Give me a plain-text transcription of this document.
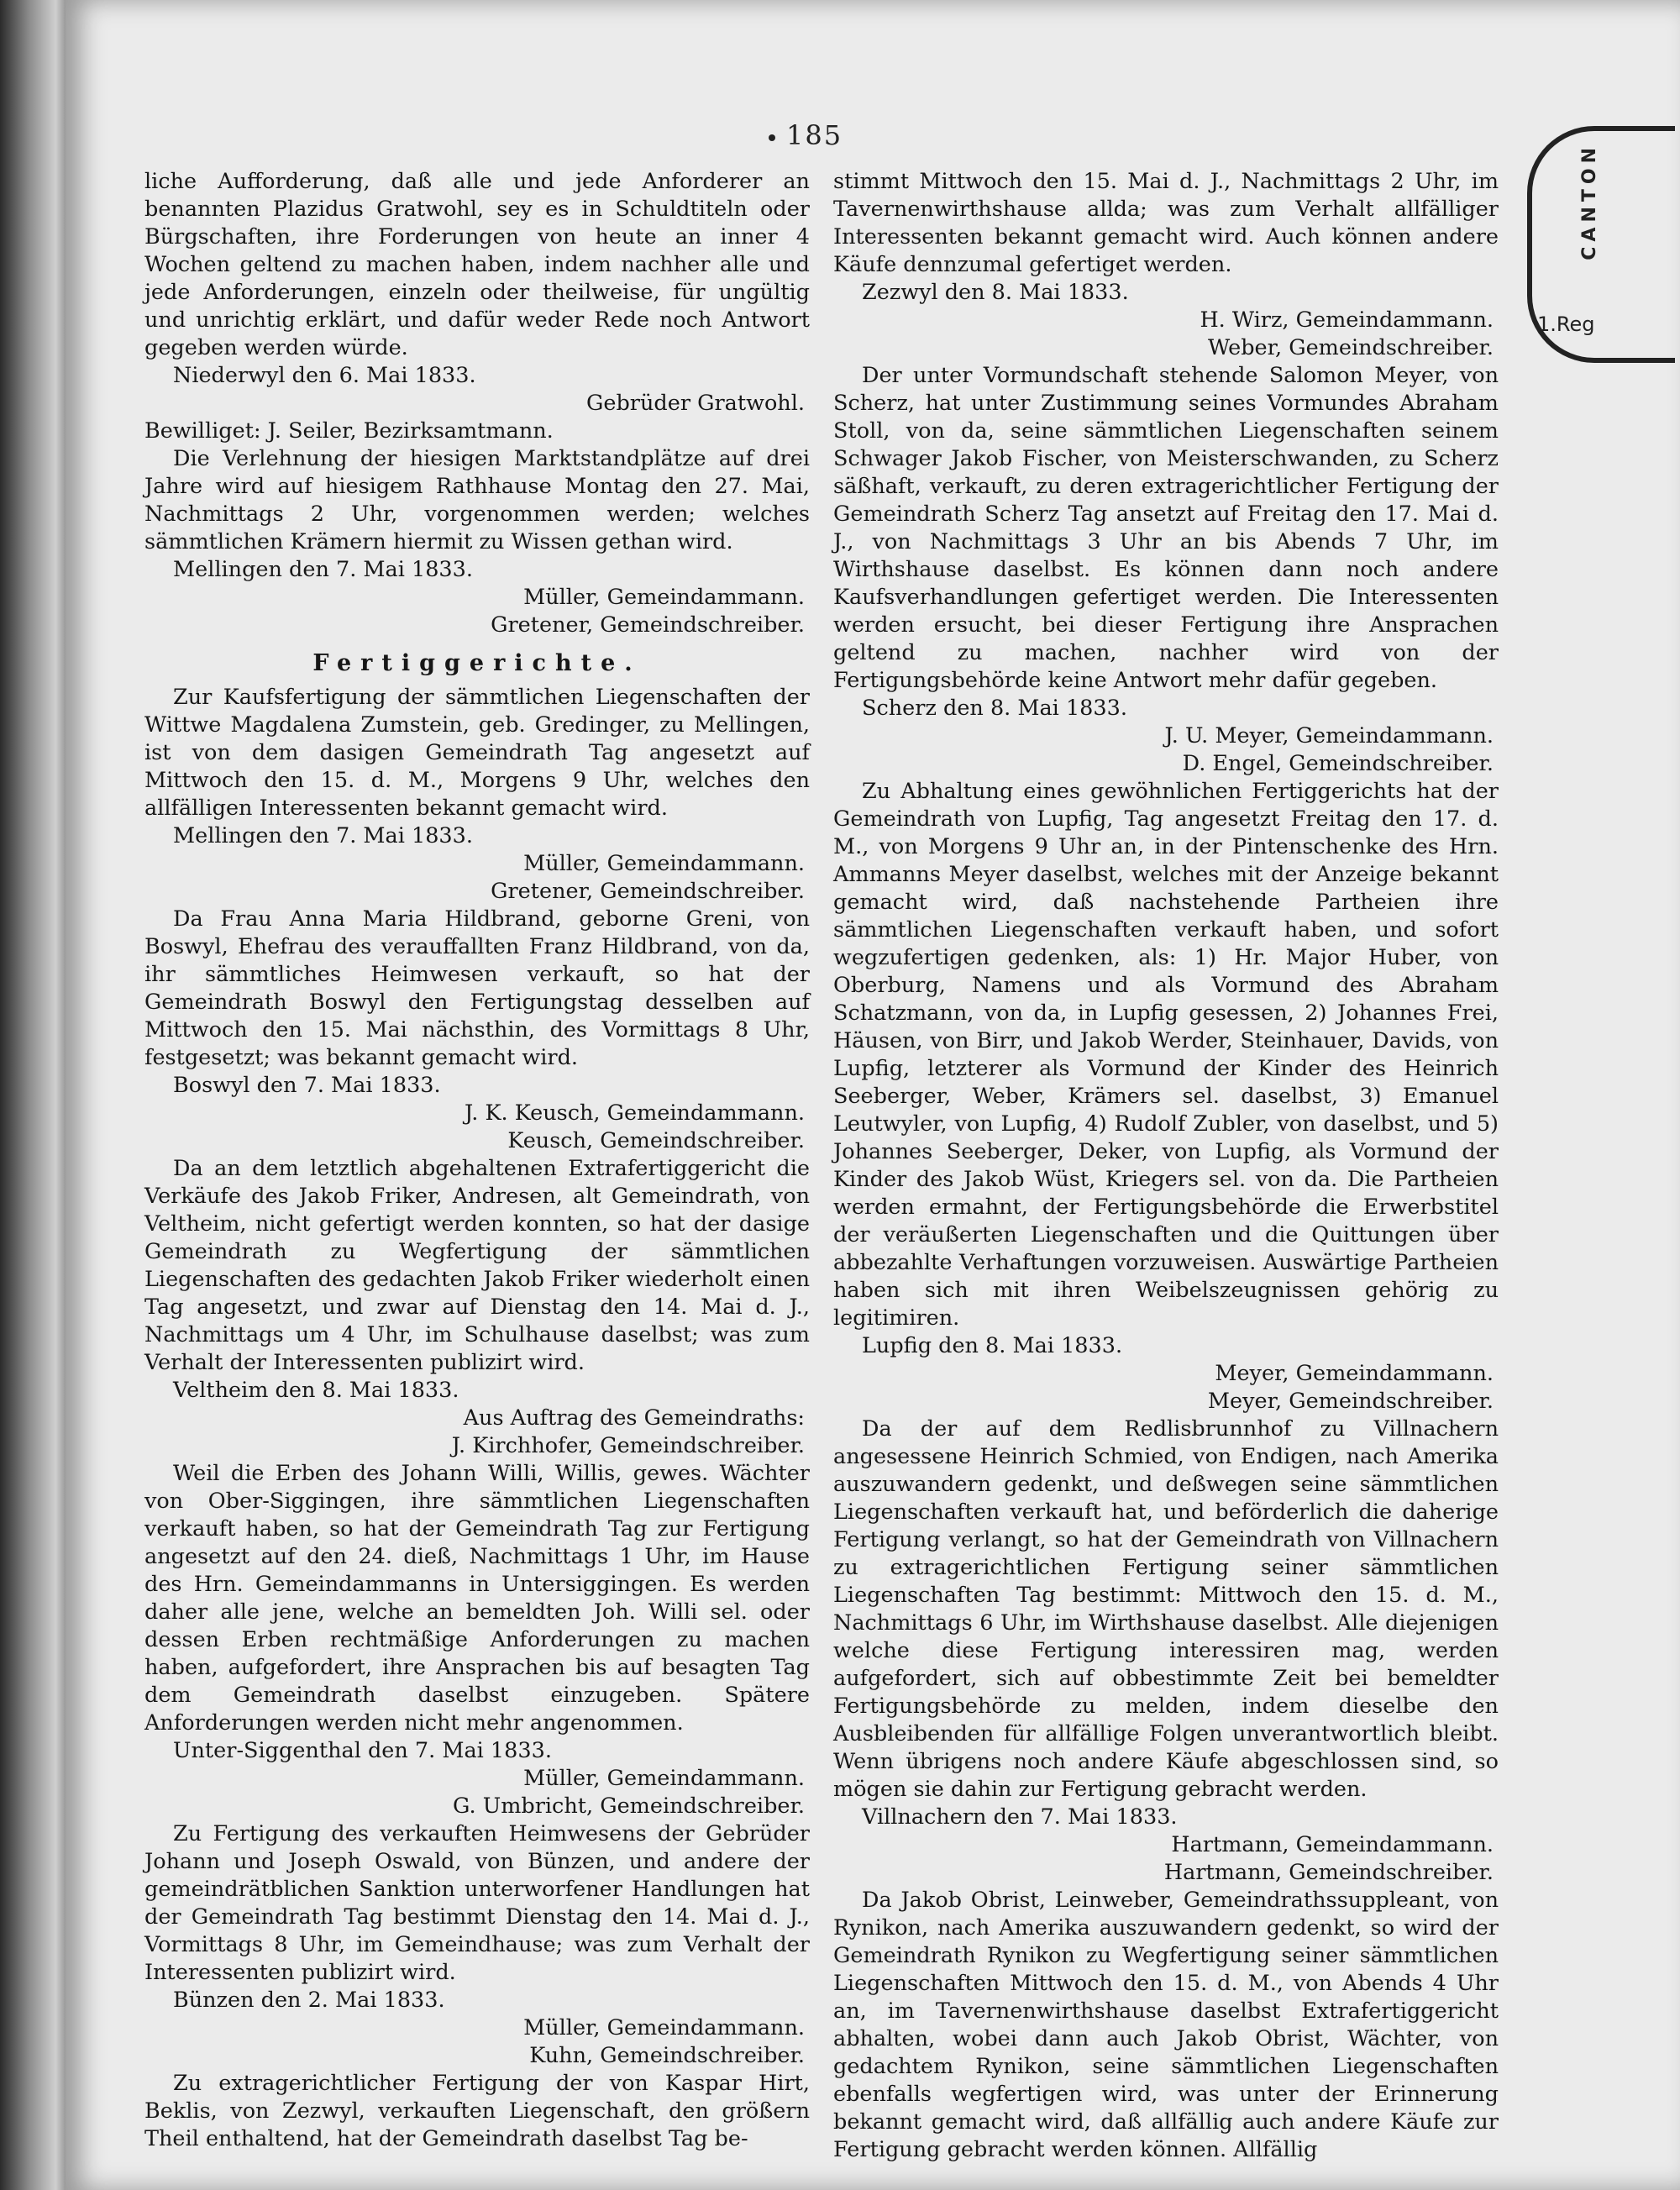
185
CANTON
1.Reg
liche Aufforderung, daß alle und jede Anforderer an benannten Plazidus Gratwohl, sey es in Schuldtiteln oder Bürgschaften, ihre Forderungen von heute an inner 4 Wochen geltend zu machen haben, indem nachher alle und jede Anforderungen, einzeln oder theilweise, für ungültig und unrichtig erklärt, und dafür weder Rede noch Antwort gegeben werden würde.
Niederwyl den 6. Mai 1833.
Gebrüder Gratwohl.
Bewilliget: J. Seiler, Bezirksamtmann.
Die Verlehnung der hiesigen Marktstandplätze auf drei Jahre wird auf hiesigem Rathhause Montag den 27. Mai, Nachmittags 2 Uhr, vorgenommen werden; welches sämmtlichen Krämern hiermit zu Wissen gethan wird.
Mellingen den 7. Mai 1833.
Müller, Gemeindammann.
Gretener, Gemeindschreiber.
Fertiggerichte.
Zur Kaufsfertigung der sämmtlichen Liegenschaften der Wittwe Magdalena Zumstein, geb. Gredinger, zu Mellingen, ist von dem dasigen Gemeindrath Tag angesetzt auf Mittwoch den 15. d. M., Morgens 9 Uhr, welches den allfälligen Interessenten bekannt gemacht wird.
Mellingen den 7. Mai 1833.
Müller, Gemeindammann.
Gretener, Gemeindschreiber.
Da Frau Anna Maria Hildbrand, geborne Greni, von Boswyl, Ehefrau des verauffallten Franz Hildbrand, von da, ihr sämmtliches Heimwesen verkauft, so hat der Gemeindrath Boswyl den Fertigungstag desselben auf Mittwoch den 15. Mai nächsthin, des Vormittags 8 Uhr, festgesetzt; was bekannt gemacht wird.
Boswyl den 7. Mai 1833.
J. K. Keusch, Gemeindammann.
Keusch, Gemeindschreiber.
Da an dem letztlich abgehaltenen Extrafertiggericht die Verkäufe des Jakob Friker, Andresen, alt Gemeindrath, von Veltheim, nicht gefertigt werden konnten, so hat der dasige Gemeindrath zu Wegfertigung der sämmtlichen Liegenschaften des gedachten Jakob Friker wiederholt einen Tag angesetzt, und zwar auf Dienstag den 14. Mai d. J., Nachmittags um 4 Uhr, im Schulhause daselbst; was zum Verhalt der Interessenten publizirt wird.
Veltheim den 8. Mai 1833.
Aus Auftrag des Gemeindraths:
J. Kirchhofer, Gemeindschreiber.
Weil die Erben des Johann Willi, Willis, gewes. Wächter von Ober-Siggingen, ihre sämmtlichen Liegenschaften verkauft haben, so hat der Gemeindrath Tag zur Fertigung angesetzt auf den 24. dieß, Nachmittags 1 Uhr, im Hause des Hrn. Gemeindammanns in Untersiggingen. Es werden daher alle jene, welche an bemeldten Joh. Willi sel. oder dessen Erben rechtmäßige Anforderungen zu machen haben, aufgefordert, ihre Ansprachen bis auf besagten Tag dem Gemeindrath daselbst einzugeben. Spätere Anforderungen werden nicht mehr angenommen.
Unter-Siggenthal den 7. Mai 1833.
Müller, Gemeindammann.
G. Umbricht, Gemeindschreiber.
Zu Fertigung des verkauften Heimwesens der Gebrüder Johann und Joseph Oswald, von Bünzen, und andere der gemeindrätblichen Sanktion unterworfener Handlungen hat der Gemeindrath Tag bestimmt Dienstag den 14. Mai d. J., Vormittags 8 Uhr, im Gemeindhause; was zum Verhalt der Interessenten publizirt wird.
Bünzen den 2. Mai 1833.
Müller, Gemeindammann.
Kuhn, Gemeindschreiber.
Zu extragerichtlicher Fertigung der von Kaspar Hirt, Beklis, von Zezwyl, verkauften Liegenschaft, den größern Theil enthaltend, hat der Gemeindrath daselbst Tag be-
stimmt Mittwoch den 15. Mai d. J., Nachmittags 2 Uhr, im Tavernenwirthshause allda; was zum Verhalt allfälliger Interessenten bekannt gemacht wird. Auch können andere Käufe dennzumal gefertiget werden.
Zezwyl den 8. Mai 1833.
H. Wirz, Gemeindammann.
Weber, Gemeindschreiber.
Der unter Vormundschaft stehende Salomon Meyer, von Scherz, hat unter Zustimmung seines Vormundes Abraham Stoll, von da, seine sämmtlichen Liegenschaften seinem Schwager Jakob Fischer, von Meisterschwanden, zu Scherz säßhaft, verkauft, zu deren extragerichtlicher Fertigung der Gemeindrath Scherz Tag ansetzt auf Freitag den 17. Mai d. J., von Nachmittags 3 Uhr an bis Abends 7 Uhr, im Wirthshause daselbst. Es können dann noch andere Kaufsverhandlungen gefertiget werden. Die Interessenten werden ersucht, bei dieser Fertigung ihre Ansprachen geltend zu machen, nachher wird von der Fertigungsbehörde keine Antwort mehr dafür gegeben.
Scherz den 8. Mai 1833.
J. U. Meyer, Gemeindammann.
D. Engel, Gemeindschreiber.
Zu Abhaltung eines gewöhnlichen Fertiggerichts hat der Gemeindrath von Lupfig, Tag angesetzt Freitag den 17. d. M., von Morgens 9 Uhr an, in der Pintenschenke des Hrn. Ammanns Meyer daselbst, welches mit der Anzeige bekannt gemacht wird, daß nachstehende Partheien ihre sämmtlichen Liegenschaften verkauft haben, und sofort wegzufertigen gedenken, als: 1) Hr. Major Huber, von Oberburg, Namens und als Vormund des Abraham Schatzmann, von da, in Lupfig gesessen, 2) Johannes Frei, Häusen, von Birr, und Jakob Werder, Steinhauer, Davids, von Lupfig, letzterer als Vormund der Kinder des Heinrich Seeberger, Weber, Krämers sel. daselbst, 3) Emanuel Leutwyler, von Lupfig, 4) Rudolf Zubler, von daselbst, und 5) Johannes Seeberger, Deker, von Lupfig, als Vormund der Kinder des Jakob Wüst, Kriegers sel. von da. Die Partheien werden ermahnt, der Fertigungsbehörde die Erwerbstitel der veräußerten Liegenschaften und die Quittungen über abbezahlte Verhaftungen vorzuweisen. Auswärtige Partheien haben sich mit ihren Weibelszeugnissen gehörig zu legitimiren.
Lupfig den 8. Mai 1833.
Meyer, Gemeindammann.
Meyer, Gemeindschreiber.
Da der auf dem Redlisbrunnhof zu Villnachern angesessene Heinrich Schmied, von Endigen, nach Amerika auszuwandern gedenkt, und deßwegen seine sämmtlichen Liegenschaften verkauft hat, und beförderlich die daherige Fertigung verlangt, so hat der Gemeindrath von Villnachern zu extragerichtlichen Fertigung seiner sämmtlichen Liegenschaften Tag bestimmt: Mittwoch den 15. d. M., Nachmittags 6 Uhr, im Wirthshause daselbst. Alle diejenigen welche diese Fertigung interessiren mag, werden aufgefordert, sich auf obbestimmte Zeit bei bemeldter Fertigungsbehörde zu melden, indem dieselbe den Ausbleibenden für allfällige Folgen unverantwortlich bleibt. Wenn übrigens noch andere Käufe abgeschlossen sind, so mögen sie dahin zur Fertigung gebracht werden.
Villnachern den 7. Mai 1833.
Hartmann, Gemeindammann.
Hartmann, Gemeindschreiber.
Da Jakob Obrist, Leinweber, Gemeindrathssuppleant, von Rynikon, nach Amerika auszuwandern gedenkt, so wird der Gemeindrath Rynikon zu Wegfertigung seiner sämmtlichen Liegenschaften Mittwoch den 15. d. M., von Abends 4 Uhr an, im Tavernenwirthshause daselbst Extrafertiggericht abhalten, wobei dann auch Jakob Obrist, Wächter, von gedachtem Rynikon, seine sämmtlichen Liegenschaften ebenfalls wegfertigen wird, was unter der Erinnerung bekannt gemacht wird, daß allfällig auch andere Käufe zur Fertigung gebracht werden können. Allfällig
